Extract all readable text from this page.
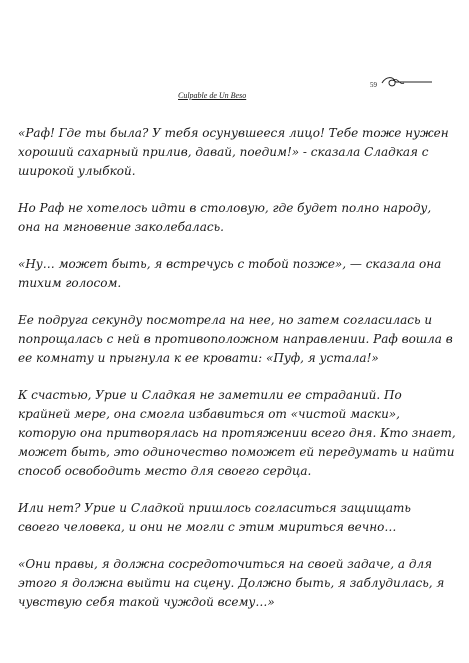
Culpable de Un Beso
59

«Раф! Где ты была? У тебя осунувшееся лицо! Тебе тоже нужен хороший сахарный прилив, давай, поедим!» - сказала Сладкая с широкой улыбкой.

Но Раф не хотелось идти в столовую, где будет полно народу, она на мгновение заколебалась.

«Ну… может быть, я встречусь с тобой позже», — сказала она тихим голосом.

Ее подруга секунду посмотрела на нее, но затем согласилась и попрощалась с ней в противоположном направлении. Раф вошла в ее комнату и прыгнула к ее кровати: «Пуф, я устала!»

К счастью, Урие и Сладкая не заметили ее страданий. По крайней мере, она смогла избавиться от «чистой маски», которую она притворялась на протяжении всего дня. Кто знает, может быть, это одиночество поможет ей передумать и найти способ освободить место для своего сердца.

Или нет? Урие и Сладкой пришлось согласиться защищать своего человека, и они не могли с этим мириться вечно…

«Они правы, я должна сосредоточиться на своей задаче, а для этого я должна выйти на сцену. Должно быть, я заблудилась, я чувствую себя такой чуждой всему…»
